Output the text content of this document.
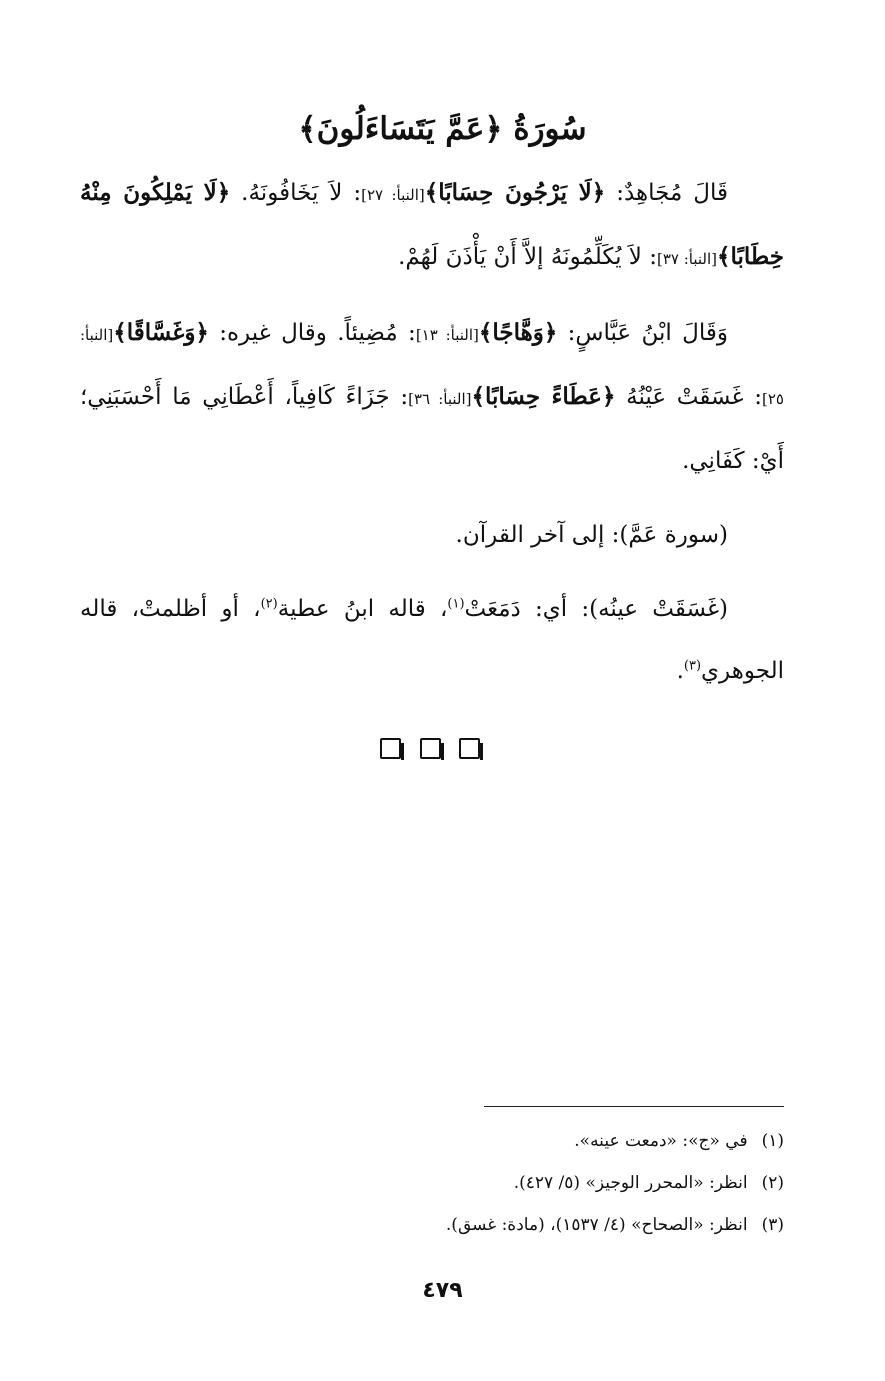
سُورَةُ ﴿عَمَّ يَتَسَاءَلُونَ﴾

قَالَ مُجَاهِدٌ: ﴿لَا يَرْجُونَ حِسَابًا﴾[النبأ: ٢٧]: لاَ يَخَافُونَهُ. ﴿لَا يَمْلِكُونَ مِنْهُ خِطَابًا﴾[النبأ: ٣٧]: لاَ يُكَلِّمُونَهُ إلاَّ أَنْ يَأْذَنَ لَهُمْ.

وَقَالَ ابْنُ عَبَّاسٍ: ﴿وَهَّاجًا﴾[النبأ: ١٣]: مُضِيئاً. وقال غيره: ﴿وَغَسَّاقًا﴾[النبأ: ٢٥]: غَسَقَتْ عَيْنُهُ ﴿عَطَاءً حِسَابًا﴾[النبأ: ٣٦]: جَزَاءً كَافِياً، أَعْطَانِي مَا أَحْسَبَنِي؛ أَيْ: كَفَانِي.

(سورة عَمَّ): إلى آخر القرآن.

(غَسَقَتْ عينُه): أي: دَمَعَتْ$^{(١)}$، قاله ابنُ عطية$^{(٢)}$، أو أظلمتْ، قاله الجوهري$^{(٣)}$.

(١)في «ج»: «دمعت عينه».
(٢)انظر: «المحرر الوجيز» (٥/ ٤٢٧).
(٣)انظر: «الصحاح» (٤/ ١٥٣٧)، (مادة: غسق).
٤٧٩
